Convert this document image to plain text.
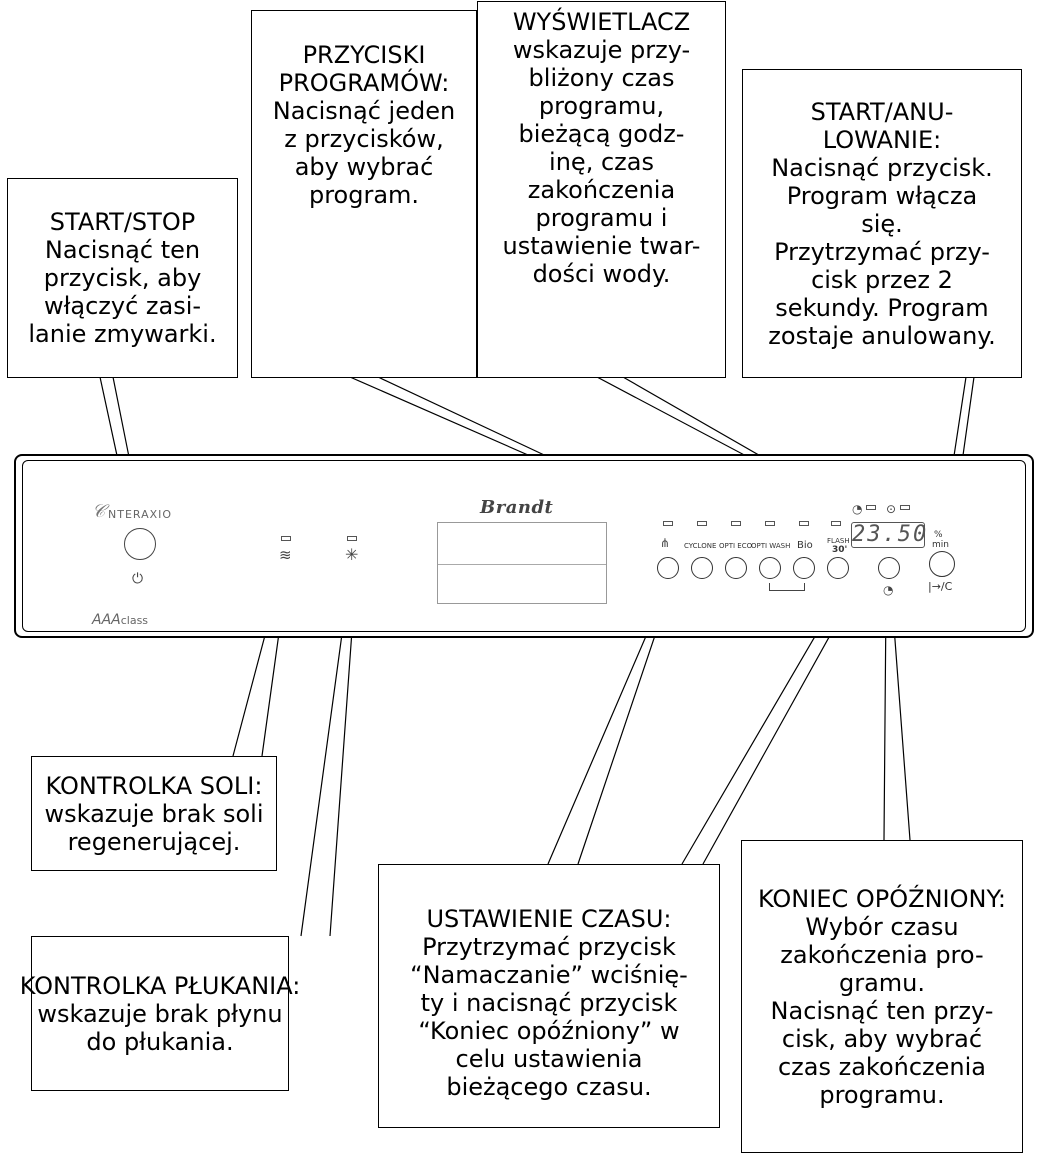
𝒞 NTERAXIO
⏻
AAAclass
≋	✳
Brandt
⋔ CYCLONE OPTI ECO
OPTI WASH Bio FLASH
30'
◔
◔ ⊙
23.50 %
min
|→/C
START/STOP
Nacisnąć ten
przycisk, aby
włączyć zasi-
lanie zmywarki.
PRZYCISKI
PROGRAMÓW:
Nacisnąć jeden
z przycisków,
aby wybrać
program.
WYŚWIETLACZ
wskazuje przy-
bliżony czas
programu,
bieżącą godz-
inę, czas
zakończenia
programu i
ustawienie twar-
dości wody.
START/ANU-
LOWANIE:
Nacisnąć przycisk.
Program włącza
się.
Przytrzymać przy-
cisk przez 2
sekundy. Program
zostaje anulowany.
KONTROLKA SOLI:
wskazuje brak soli
regenerującej.
KONTROLKA PŁUKANIA:
wskazuje brak płynu
do płukania.
USTAWIENIE CZASU:
Przytrzymać przycisk
“Namaczanie” wciśnię-
ty i nacisnąć przycisk
“Koniec opóźniony” w
celu ustawienia
bieżącego czasu.
KONIEC OPÓŹNIONY:
Wybór czasu
zakończenia pro-
gramu.
Nacisnąć ten przy-
cisk, aby wybrać
czas zakończenia
programu.
